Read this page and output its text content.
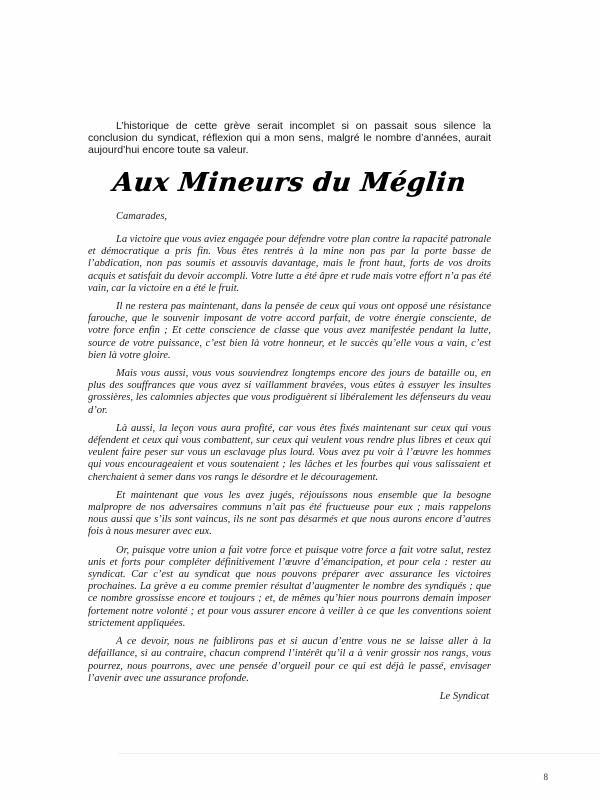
L’historique de cette grève serait incomplet si on passait sous silence la conclusion du syndicat, réflexion qui a mon sens, malgré le nombre d’années, aurait aujourd’hui encore toute sa valeur.

Aux Mineurs du Méglin

Camarades,

La victoire que vous aviez engagée pour défendre votre plan contre la rapacité patronale et démocratique a pris fin. Vous êtes rentrés à la mine non pas par la porte basse de l’abdication, non pas soumis et assouvis davantage, mais le front haut, forts de vos droits acquis et satisfait du devoir accompli. Votre lutte a été âpre et rude mais votre effort n’a pas été vain, car la victoire en a été le fruit.

Il ne restera pas maintenant, dans la pensée de ceux qui vous ont opposé une résistance farouche, que le souvenir imposant de votre accord parfait, de votre énergie consciente, de votre force enfin ; Et cette conscience de classe que vous avez manifestée pendant la lutte, source de votre puissance, c’est bien là votre honneur, et le succès qu’elle vous a vain, c’est bien là votre gloire.

Mais vous aussi, vous vous souviendrez longtemps encore des jours de bataille ou, en plus des souffrances que vous avez si vaillamment bravées, vous eûtes à essuyer les insultes grossières, les calomnies abjectes que vous prodiguèrent si libéralement les défenseurs du veau d’or.

Là aussi, la leçon vous aura profité, car vous êtes fixés maintenant sur ceux qui vous défendent et ceux qui vous combattent, sur ceux qui veulent vous rendre plus libres et ceux qui veulent faire peser sur vous un esclavage plus lourd. Vous avez pu voir à l’œuvre les hommes qui vous encourageaient et vous soutenaient ; les lâches et les fourbes qui vous salissaient et cherchaient à semer dans vos rangs le désordre et le découragement.

Et maintenant que vous les avez jugés, réjouissons nous ensemble que la besogne malpropre de nos adversaires communs n’ait pas été fructueuse pour eux ; mais rappelons nous aussi que s’ils sont vaincus, ils ne sont pas désarmés et que nous aurons encore d’autres fois à nous mesurer avec eux.

Or, puisque votre union a fait votre force et puisque votre force a fait votre salut, restez unis et forts pour compléter définitivement l’œuvre d’émancipation, et pour cela : rester au syndicat. Car c’est au syndicat que nous pouvons préparer avec assurance les victoires prochaines. La grève a eu comme premier résultat d’augmenter le nombre des syndiqués ; que ce nombre grossisse encore et toujours ; et, de mêmes qu’hier nous pourrons demain imposer fortement notre volonté ; et pour vous assurer encore à veiller à ce que les conventions soient strictement appliquées.

A ce devoir, nous ne faiblirons pas et si aucun d’entre vous ne se laisse aller à la défaillance, si au contraire, chacun comprend l’intérêt qu’il a à venir grossir nos rangs, vous pourrez, nous pourrons, avec une pensée d’orgueil pour ce qui est déjà le passé, envisager l’avenir avec une assurance profonde.

Le Syndicat

8
